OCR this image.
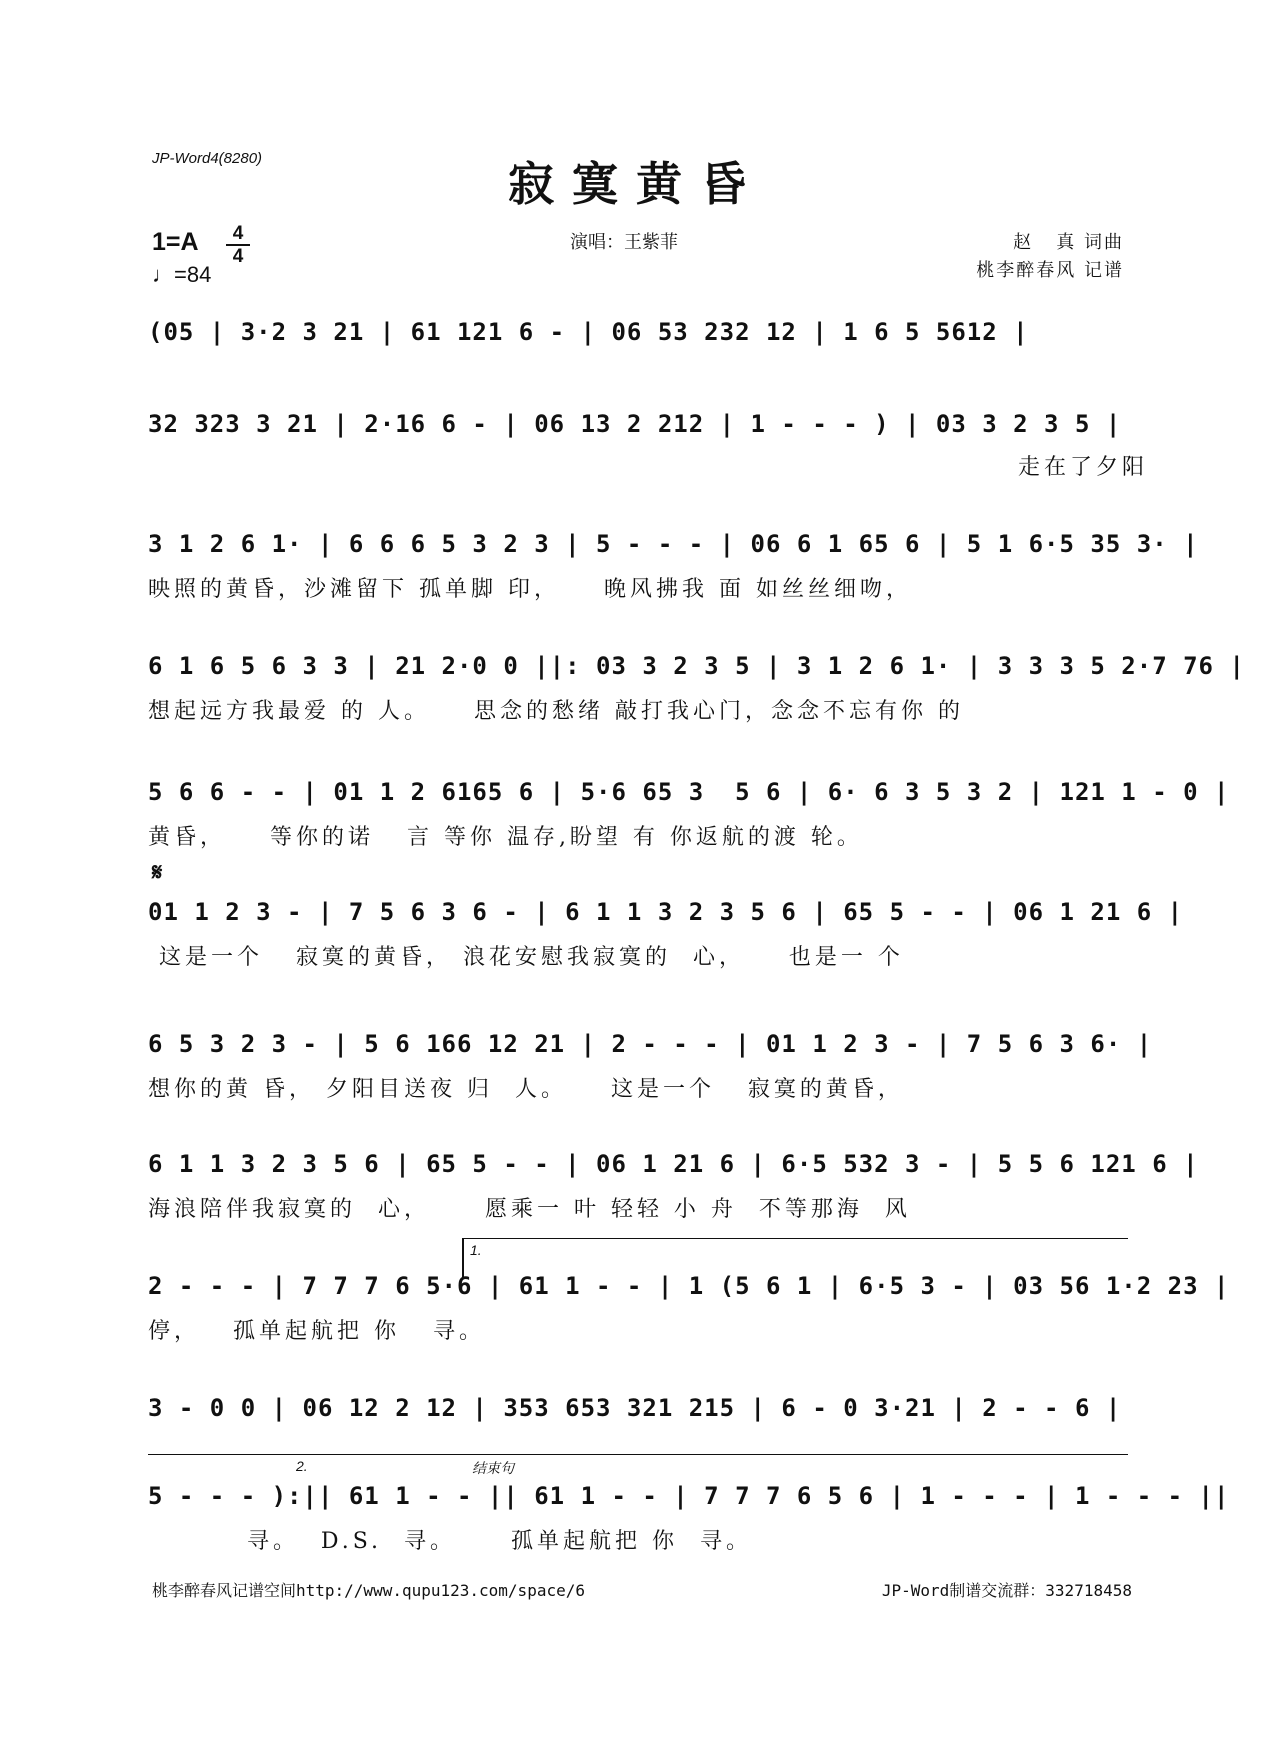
JP-Word4(8280)	寂寞黄昏
1=A	4
4
♩=84
演唱：王紫菲	赵   真 词曲
桃李醉春风 记谱
(05 | 3·2 3 21 | 61 121 6 - | 06 53 232 12 | 1 6 5 5612 |
32 323 3 21 | 2·16 6 - | 06 13 2 212 | 1 - - - ) | 03 3 2 3 5 |
走在了夕阳
3 1 2 6 1· | 6 6 6 5 3 2 3 | 5 - - - | 06 6 1 65 6 | 5 1 6·5 35 3· |
映照的黄昏，沙滩留下 孤单脚 印，    晚风拂我 面 如丝丝细吻，
6 1 6 5 6 3 3 | 21 2·0 0 ||: 03 3 2 3 5 | 3 1 2 6 1· | 3 3 3 5 2·7 76 |
想起远方我最爱 的 人。    思念的愁绪 敲打我心门，念念不忘有你 的
5 6 6 - - | 01 1 2 6165 6 | 5·6 65 3  5 6 | 6· 6 3 5 3 2 | 121 1 - 0 |
黄昏，    等你的诺   言 等你 温存,盼望 有 你返航的渡 轮。
𝄋
01 1 2 3 - | 7 5 6 3 6 - | 6 1 1 3 2 3 5 6 | 65 5 - - | 06 1 21 6 |
这是一个   寂寞的黄昏， 浪花安慰我寂寞的  心，    也是一 个
6 5 3 2 3 - | 5 6 166 12 21 | 2 - - - | 01 1 2 3 - | 7 5 6 3 6· |
想你的黄 昏， 夕阳目送夜 归  人。    这是一个   寂寞的黄昏，
6 1 1 3 2 3 5 6 | 65 5 - - | 06 1 21 6 | 6·5 532 3 - | 5 5 6 121 6 |
海浪陪伴我寂寞的  心，     愿乘一 叶 轻轻 小 舟  不等那海  风
1.
2 - - - | 7 7 7 6 5·6 | 61 1 - - | 1 (5 6 1 | 6·5 3 - | 03 56 1·2 23 |
停，   孤单起航把 你   寻。
3 - 0 0 | 06 12 2 12 | 353 653 321 215 | 6 - 0 3·21 | 2 - - 6 |
2.	结束句
5 - - - ):|| 61 1 - - || 61 1 - - | 7 7 7 6 5 6 | 1 - - - | 1 - - - ||
寻。  D.S.  寻。     孤单起航把 你  寻。
桃李醉春风记谱空间http://www.qupu123.com/space/6	JP-Word制谱交流群：332718458
